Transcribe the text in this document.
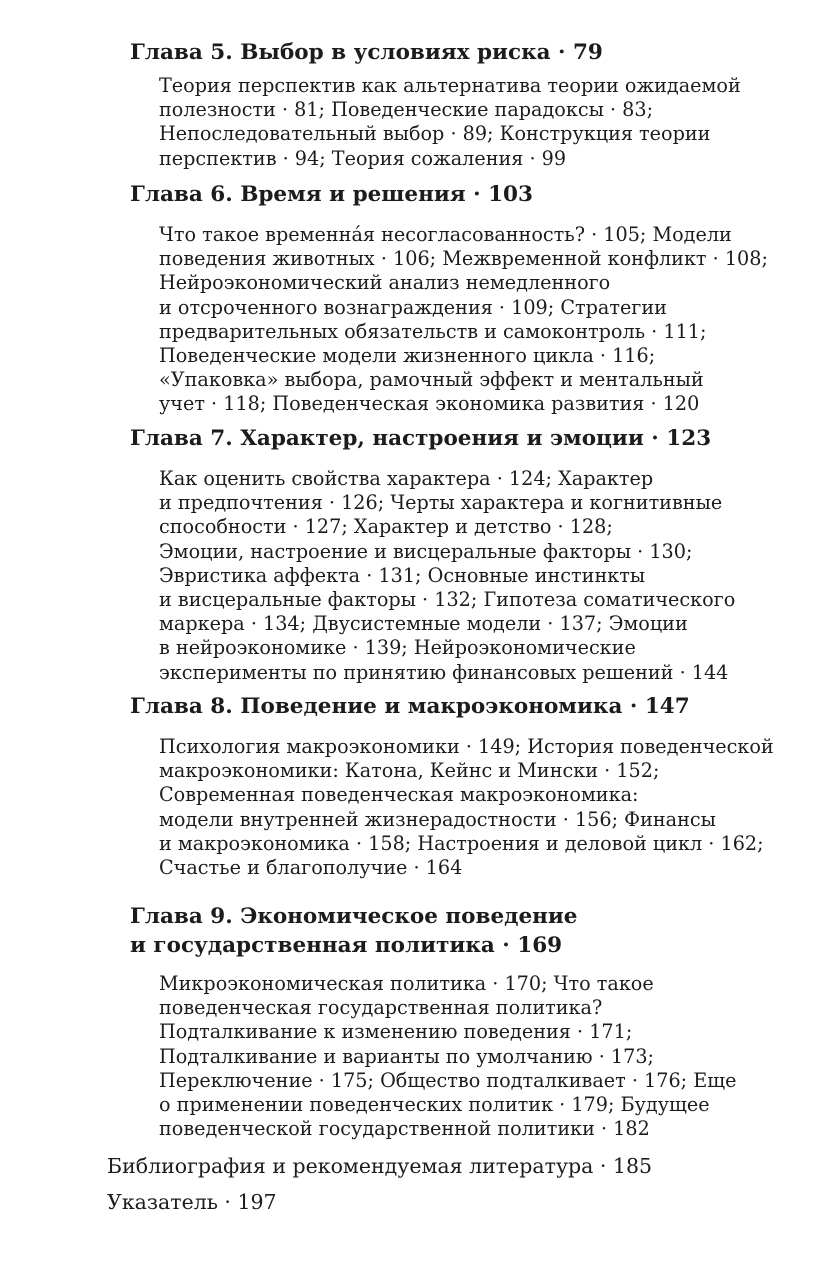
Глава 5. Выбор в условиях риска · 79

Теория перспектив как альтернатива теории ожидаемой
полезности · 81; Поведенческие парадоксы · 83;
Непоследовательный выбор · 89; Конструкция теории
перспектив · 94; Теория сожаления · 99

Глава 6. Время и решения · 103

Что такое временнáя несогласованность? · 105; Модели
поведения животных · 106; Межвременной конфликт · 108;
Нейроэкономический анализ немедленного
и отсроченного вознаграждения · 109; Стратегии
предварительных обязательств и самоконтроль · 111;
Поведенческие модели жизненного цикла · 116;
«Упаковка» выбора, рамочный эффект и ментальный
учет · 118; Поведенческая экономика развития · 120

Глава 7. Характер, настроения и эмоции · 123

Как оценить свойства характера · 124; Характер
и предпочтения · 126; Черты характера и когнитивные
способности · 127; Характер и детство · 128;
Эмоции, настроение и висцеральные факторы · 130;
Эвристика аффекта · 131; Основные инстинкты
и висцеральные факторы · 132; Гипотеза соматического
маркера · 134; Двусистемные модели · 137; Эмоции
в нейроэкономике · 139; Нейроэкономические
эксперименты по принятию финансовых решений · 144

Глава 8. Поведение и макроэкономика · 147

Психология макроэкономики · 149; История поведенческой
макроэкономики: Катона, Кейнс и Мински · 152;
Современная поведенческая макроэкономика:
модели внутренней жизнерадостности · 156; Финансы
и макроэкономика · 158; Настроения и деловой цикл · 162;
Счастье и благополучие · 164

Глава 9. Экономическое поведение
и государственная политика · 169

Микроэкономическая политика · 170; Что такое
поведенческая государственная политика?
Подталкивание к изменению поведения · 171;
Подталкивание и варианты по умолчанию · 173;
Переключение · 175; Общество подталкивает · 176; Еще
о применении поведенческих политик · 179; Будущее
поведенческой государственной политики · 182

Библиография и рекомендуемая литература · 185

Указатель · 197
